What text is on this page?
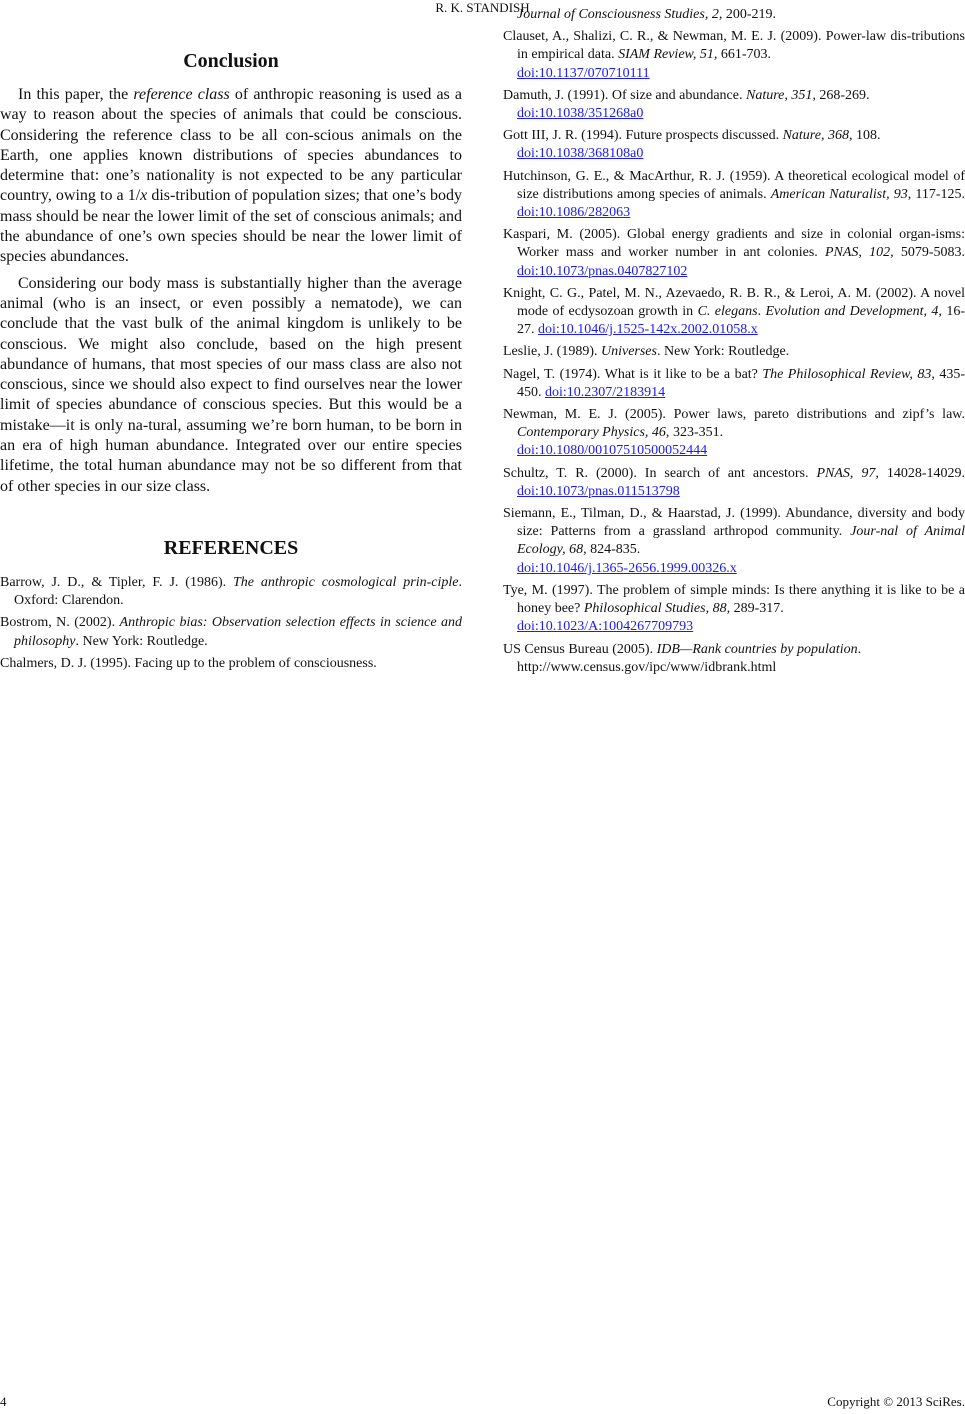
R. K. STANDISH
Conclusion

In this paper, the reference class of anthropic reasoning is used as a way to reason about the species of animals that could be conscious. Considering the reference class to be all con-scious animals on the Earth, one applies known distributions of species abundances to determine that: one’s nationality is not expected to be any particular country, owing to a 1/x dis-tribution of population sizes; that one’s body mass should be near the lower limit of the set of conscious animals; and the abundance of one’s own species should be near the lower limit of species abundances.

Considering our body mass is substantially higher than the average animal (who is an insect, or even possibly a nematode), we can conclude that the vast bulk of the animal kingdom is unlikely to be conscious. We might also conclude, based on the high present abundance of humans, that most species of our mass class are also not conscious, since we should also expect to find ourselves near the lower limit of species abundance of conscious species. But this would be a mistake—it is only na-tural, assuming we’re born human, to be born in an era of high human abundance. Integrated over our entire species lifetime, the total human abundance may not be so different from that of other species in our size class.

REFERENCES

Barrow, J. D., & Tipler, F. J. (1986). The anthropic cosmological prin-ciple. Oxford: Clarendon.

Bostrom, N. (2002). Anthropic bias: Observation selection effects in science and philosophy. New York: Routledge.

Chalmers, D. J. (1995). Facing up to the problem of consciousness.

Journal of Consciousness Studies, 2, 200-219.

Clauset, A., Shalizi, C. R., & Newman, M. E. J. (2009). Power-law dis-tributions in empirical data. SIAM Review, 51, 661-703.
doi:10.1137/070710111

Damuth, J. (1991). Of size and abundance. Nature, 351, 268-269.
doi:10.1038/351268a0

Gott III, J. R. (1994). Future prospects discussed. Nature, 368, 108.
doi:10.1038/368108a0

Hutchinson, G. E., & MacArthur, R. J. (1959). A theoretical ecological model of size distributions among species of animals. American Naturalist, 93, 117-125. doi:10.1086/282063

Kaspari, M. (2005). Global energy gradients and size in colonial organ-isms: Worker mass and worker number in ant colonies. PNAS, 102, 5079-5083. doi:10.1073/pnas.0407827102

Knight, C. G., Patel, M. N., Azevaedo, R. B. R., & Leroi, A. M. (2002). A novel mode of ecdysozoan growth in C. elegans. Evolution and Development, 4, 16-27. doi:10.1046/j.1525-142x.2002.01058.x

Leslie, J. (1989). Universes. New York: Routledge.

Nagel, T. (1974). What is it like to be a bat? The Philosophical Review, 83, 435-450. doi:10.2307/2183914

Newman, M. E. J. (2005). Power laws, pareto distributions and zipf’s law. Contemporary Physics, 46, 323-351.
doi:10.1080/00107510500052444

Schultz, T. R. (2000). In search of ant ancestors. PNAS, 97, 14028-14029. doi:10.1073/pnas.011513798

Siemann, E., Tilman, D., & Haarstad, J. (1999). Abundance, diversity and body size: Patterns from a grassland arthropod community. Jour-nal of Animal Ecology, 68, 824-835.
doi:10.1046/j.1365-2656.1999.00326.x

Tye, M. (1997). The problem of simple minds: Is there anything it is like to be a honey bee? Philosophical Studies, 88, 289-317.
doi:10.1023/A:1004267709793

US Census Bureau (2005). IDB—Rank countries by population.
http://www.census.gov/ipc/www/idbrank.html

4	Copyright © 2013 SciRes.
